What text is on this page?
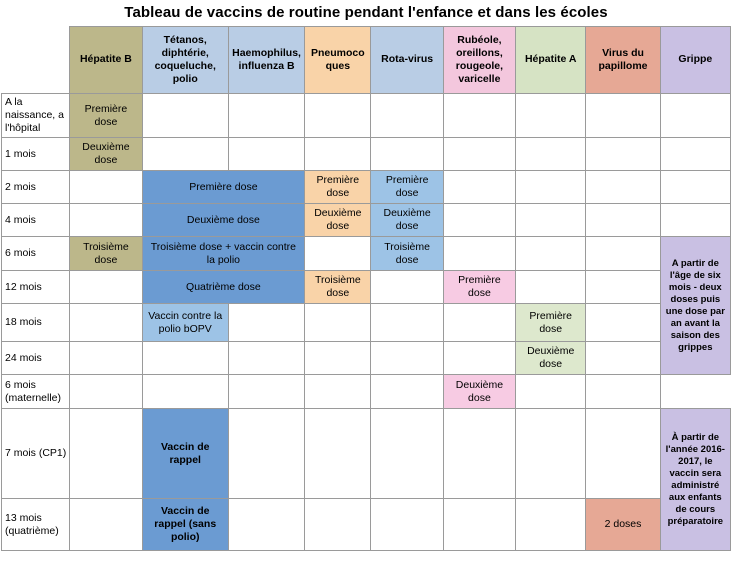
Tableau de vaccins de routine pendant l'enfance et dans les écoles
	Hépatite B	Tétanos, diphtérie, coqueluche, polio	Haemophilus, influenza B	Pneumocoques	Rota-virus	Rubéole, oreillons, rougeole, varicelle	Hépatite A	Virus du papillome	Grippe
A la naissance, a l'hôpital	Première dose								
1 mois	Deuxième dose								
2 mois		Première dose		Première dose	Première dose				
4 mois		Deuxième dose		Deuxième dose	Deuxième dose				
6 mois	Troisième dose	Troisième dose + vaccin contre la polio			Troisième dose				A partir de l'âge de six mois - deux doses puis une dose par an avant la saison des grippes
12 mois		Quatrième dose		Troisième dose		Première dose			
18 mois		Vaccin contre la polio bOPV					Première dose		
24 mois							Deuxième dose		
6 mois (maternelle)						Deuxième dose			
7 mois (CP1)		Vaccin de rappel							À partir de l'année 2016-2017, le vaccin sera administré aux enfants de cours préparatoire
13 mois (quatrième)		Vaccin de rappel (sans polio)						2 doses	
